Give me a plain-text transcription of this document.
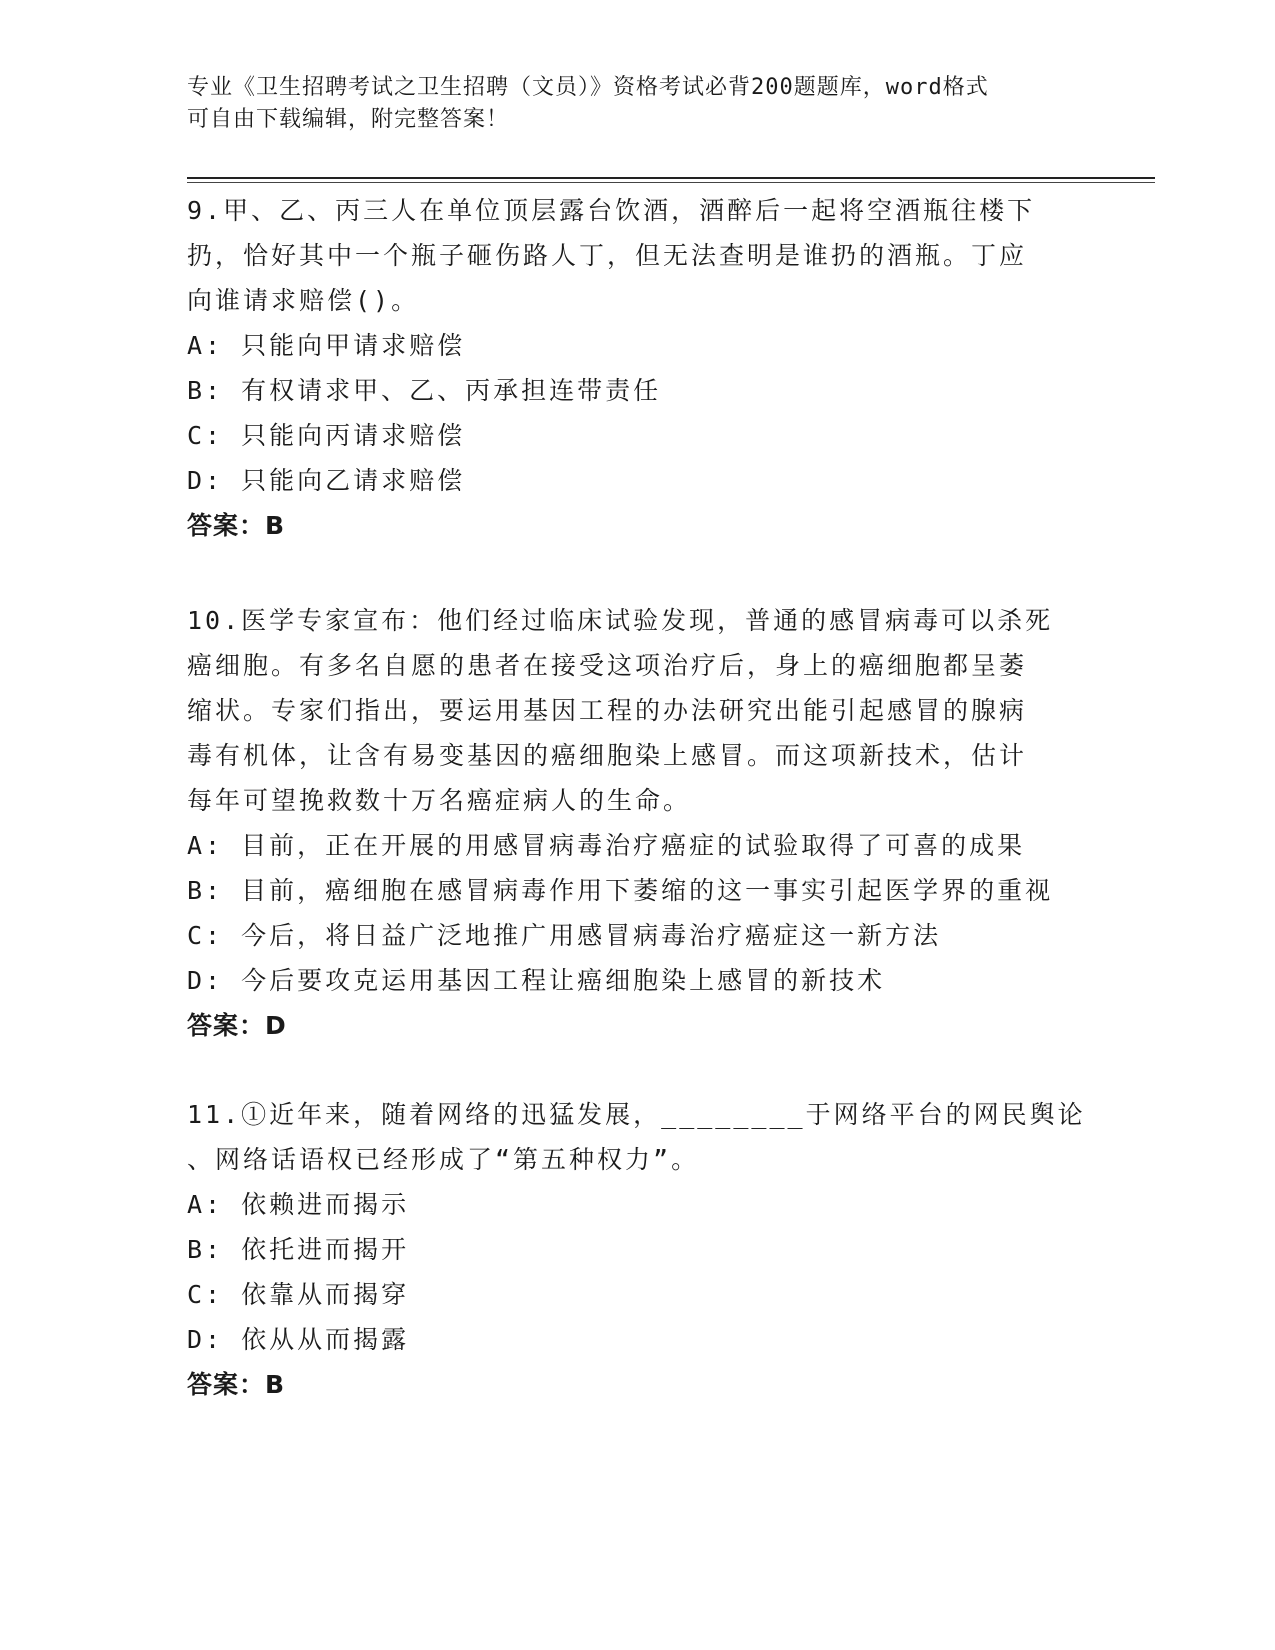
专业《卫生招聘考试之卫生招聘（文员）》资格考试必背200题题库，word格式
可自由下载编辑，附完整答案！
9.甲、乙、丙三人在单位顶层露台饮酒，酒醉后一起将空酒瓶往楼下
扔，恰好其中一个瓶子砸伤路人丁，但无法查明是谁扔的酒瓶。丁应
向谁请求赔偿()。
A: 只能向甲请求赔偿
B: 有权请求甲、乙、丙承担连带责任
C: 只能向丙请求赔偿
D: 只能向乙请求赔偿
答案：B
10.医学专家宣布：他们经过临床试验发现，普通的感冒病毒可以杀死
癌细胞。有多名自愿的患者在接受这项治疗后，身上的癌细胞都呈萎
缩状。专家们指出，要运用基因工程的办法研究出能引起感冒的腺病
毒有机体，让含有易变基因的癌细胞染上感冒。而这项新技术，估计
每年可望挽救数十万名癌症病人的生命。
A: 目前，正在开展的用感冒病毒治疗癌症的试验取得了可喜的成果
B: 目前，癌细胞在感冒病毒作用下萎缩的这一事实引起医学界的重视
C: 今后，将日益广泛地推广用感冒病毒治疗癌症这一新方法
D: 今后要攻克运用基因工程让癌细胞染上感冒的新技术
答案：D
11.①近年来，随着网络的迅猛发展，________于网络平台的网民舆论
、网络话语权已经形成了“第五种权力”。
A: 依赖进而揭示
B: 依托进而揭开
C: 依靠从而揭穿
D: 依从从而揭露
答案：B
